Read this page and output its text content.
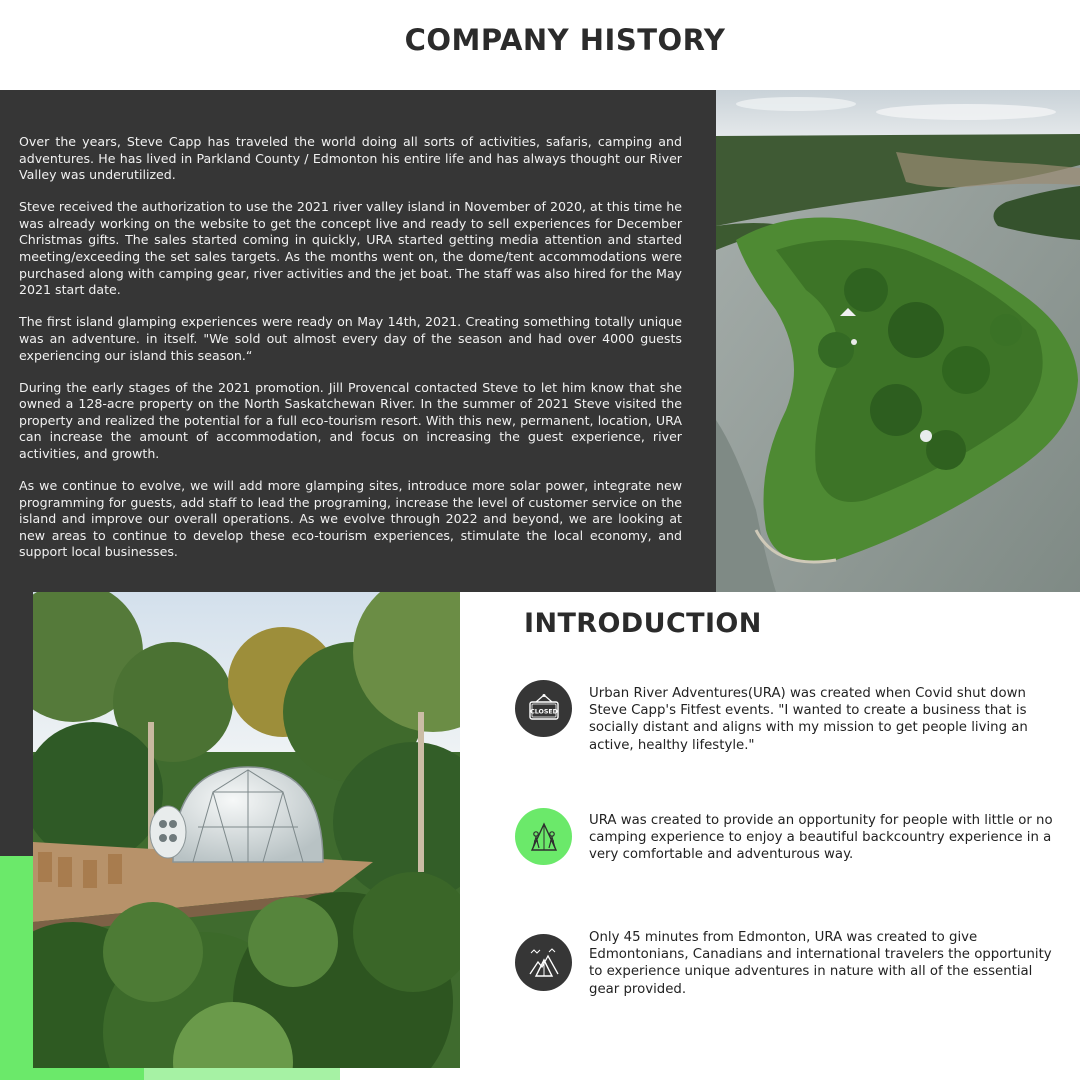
COMPANY HISTORY

Over the years, Steve Capp has traveled the world doing all sorts of activities, safaris, camping and adventures. He has lived in Parkland County / Edmonton his entire life and has always thought our River Valley was underutilized.

Steve received the authorization to use the 2021 river valley island in November of 2020, at this time he was already working on the website to get the concept live and ready to sell experiences for December Christmas gifts. The sales started coming in quickly, URA started getting media attention and started meeting/exceeding the set sales targets. As the months went on, the dome/tent accommodations were purchased along with camping gear, river activities and the jet boat. The staff was also hired for the May 2021 start date.

The first island glamping experiences were ready on May 14th, 2021. Creating something totally unique was an adventure. in itself. "We sold out almost every day of the season and had over 4000 guests experiencing our island this season.“

During the early stages of the 2021 promotion. Jill Provencal contacted Steve to let him know that she owned a 128-acre property on the North Saskatchewan River. In the summer of 2021 Steve visited the property and realized the potential for a full eco-tourism resort. With this new, permanent, location, URA can increase the amount of accommodation, and focus on increasing the guest experience, river activities, and growth.

As we continue to evolve, we will add more glamping sites, introduce more solar power, integrate new programming for guests, add staff to lead the programing, increase the level of customer service on the island and improve our overall operations. As we evolve through 2022 and beyond, we are looking at new areas to continue to develop these eco-tourism experiences, stimulate the local economy, and support local businesses.

INTRODUCTION
CLOSED
Urban River Adventures(URA) was created when Covid shut down Steve Capp's Fitfest events. "I wanted to create a business that is socially distant and aligns with my mission to get people living an active, healthy lifestyle."
URA was created to provide an opportunity for people with little or no camping experience to enjoy a beautiful backcountry experience in a very comfortable and adventurous way.
Only 45 minutes from Edmonton, URA was created to give Edmontonians, Canadians and international travelers the opportunity to experience unique adventures in nature with all of the essential gear provided.
